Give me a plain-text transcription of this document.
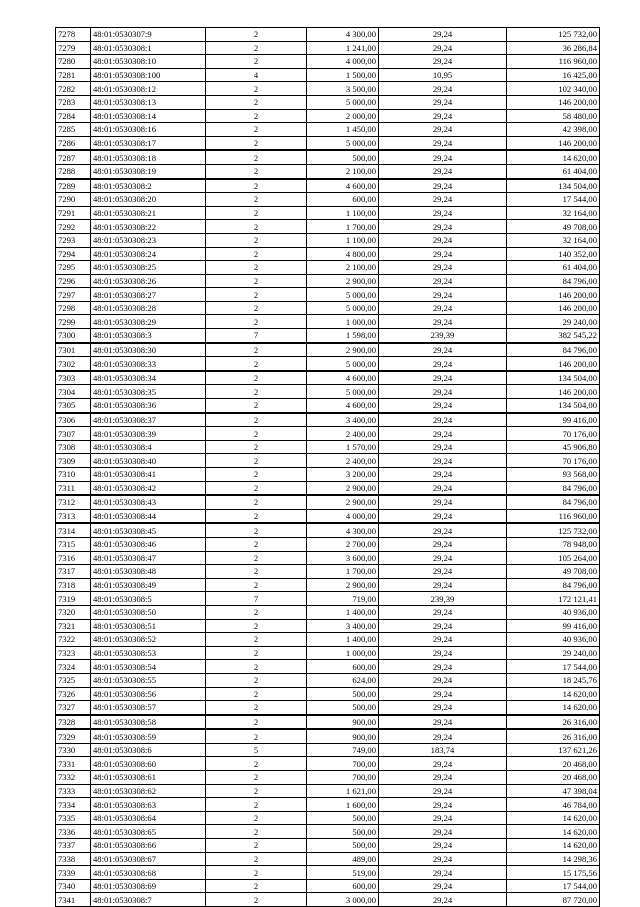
7278	48:01:0530307:9	2	4 300,00	29,24	125 732,00
7279	48:01:0530308:1	2	1 241,00	29,24	36 286,84
7280	48:01:0530308:10	2	4 000,00	29,24	116 960,00
7281	48:01:0530308:100	4	1 500,00	10,95	16 425,00
7282	48:01:0530308:12	2	3 500,00	29,24	102 340,00
7283	48:01:0530308:13	2	5 000,00	29,24	146 200,00
7284	48:01:0530308:14	2	2 000,00	29,24	58 480,00
7285	48:01:0530308:16	2	1 450,00	29,24	42 398,00
7286	48:01:0530308:17	2	5 000,00	29,24	146 200,00
7287	48:01:0530308:18	2	500,00	29,24	14 620,00
7288	48:01:0530308:19	2	2 100,00	29,24	61 404,00
7289	48:01:0530308:2	2	4 600,00	29,24	134 504,00
7290	48:01:0530308:20	2	600,00	29,24	17 544,00
7291	48:01:0530308:21	2	1 100,00	29,24	32 164,00
7292	48:01:0530308:22	2	1 700,00	29,24	49 708,00
7293	48:01:0530308:23	2	1 100,00	29,24	32 164,00
7294	48:01:0530308:24	2	4 800,00	29,24	140 352,00
7295	48:01:0530308:25	2	2 100,00	29,24	61 404,00
7296	48:01:0530308:26	2	2 900,00	29,24	84 796,00
7297	48:01:0530308:27	2	5 000,00	29,24	146 200,00
7298	48:01:0530308:28	2	5 000,00	29,24	146 200,00
7299	48:01:0530308:29	2	1 000,00	29,24	29 240,00
7300	48:01:0530308:3	7	1 598,00	239,39	382 545,22
7301	48:01:0530308:30	2	2 900,00	29,24	84 796,00
7302	48:01:0530308:33	2	5 000,00	29,24	146 200,00
7303	48:01:0530308:34	2	4 600,00	29,24	134 504,00
7304	48:01:0530308:35	2	5 000,00	29,24	146 200,00
7305	48:01:0530308:36	2	4 600,00	29,24	134 504,00
7306	48:01:0530308:37	2	3 400,00	29,24	99 416,00
7307	48:01:0530308:39	2	2 400,00	29,24	70 176,00
7308	48:01:0530308:4	2	1 570,00	29,24	45 906,80
7309	48:01:0530308:40	2	2 400,00	29,24	70 176,00
7310	48:01:0530308:41	2	3 200,00	29,24	93 568,00
7311	48:01:0530308:42	2	2 900,00	29,24	84 796,00
7312	48:01:0530308:43	2	2 900,00	29,24	84 796,00
7313	48:01:0530308:44	2	4 000,00	29,24	116 960,00
7314	48:01:0530308:45	2	4 300,00	29,24	125 732,00
7315	48:01:0530308:46	2	2 700,00	29,24	78 948,00
7316	48:01:0530308:47	2	3 600,00	29,24	105 264,00
7317	48:01:0530308:48	2	1 700,00	29,24	49 708,00
7318	48:01:0530308:49	2	2 900,00	29,24	84 796,00
7319	48:01:0530308:5	7	719,00	239,39	172 121,41
7320	48:01:0530308:50	2	1 400,00	29,24	40 936,00
7321	48:01:0530308:51	2	3 400,00	29,24	99 416,00
7322	48:01:0530308:52	2	1 400,00	29,24	40 936,00
7323	48:01:0530308:53	2	1 000,00	29,24	29 240,00
7324	48:01:0530308:54	2	600,00	29,24	17 544,00
7325	48:01:0530308:55	2	624,00	29,24	18 245,76
7326	48:01:0530308:56	2	500,00	29,24	14 620,00
7327	48:01:0530308:57	2	500,00	29,24	14 620,00
7328	48:01:0530308:58	2	900,00	29,24	26 316,00
7329	48:01:0530308:59	2	900,00	29,24	26 316,00
7330	48:01:0530308:6	5	749,00	183,74	137 621,26
7331	48:01:0530308:60	2	700,00	29,24	20 468,00
7332	48:01:0530308:61	2	700,00	29,24	20 468,00
7333	48:01:0530308:62	2	1 621,00	29,24	47 398,04
7334	48:01:0530308:63	2	1 600,00	29,24	46 784,00
7335	48:01:0530308:64	2	500,00	29,24	14 620,00
7336	48:01:0530308:65	2	500,00	29,24	14 620,00
7337	48:01:0530308:66	2	500,00	29,24	14 620,00
7338	48:01:0530308:67	2	489,00	29,24	14 298,36
7339	48:01:0530308:68	2	519,00	29,24	15 175,56
7340	48:01:0530308:69	2	600,00	29,24	17 544,00
7341	48:01:0530308:7	2	3 000,00	29,24	87 720,00
